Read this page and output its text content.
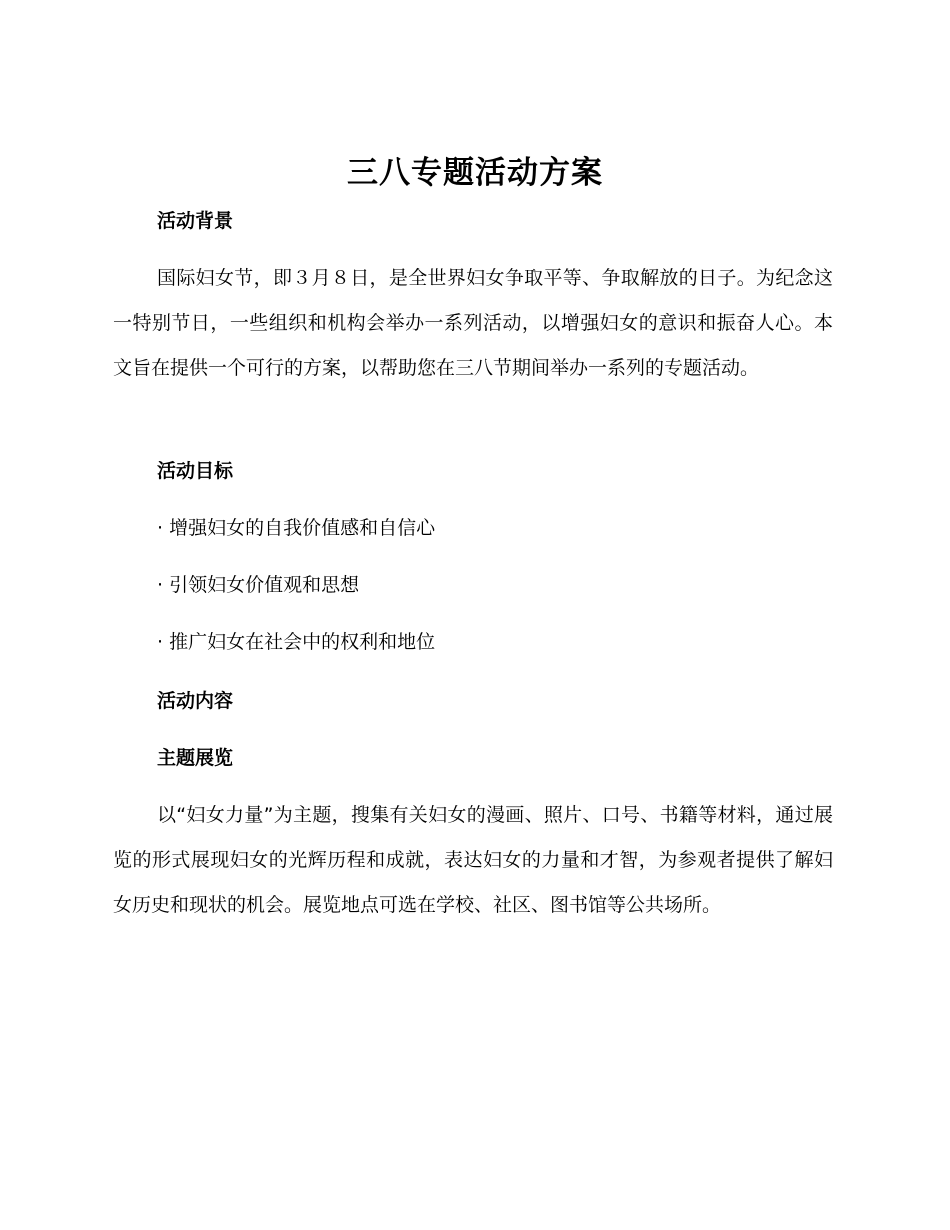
三八专题活动方案
活动背景

国际妇女节，即３月８日，是全世界妇女争取平等、争取解放的日子。为纪念这一特别节日，一些组织和机构会举办一系列活动，以增强妇女的意识和振奋人心。本文旨在提供一个可行的方案，以帮助您在三八节期间举办一系列的专题活动。

活动目标
· 增强妇女的自我价值感和自信心
· 引领妇女价值观和思想
· 推广妇女在社会中的权利和地位
活动内容
主题展览

以“妇女力量”为主题，搜集有关妇女的漫画、照片、口号、书籍等材料，通过展览的形式展现妇女的光辉历程和成就，表达妇女的力量和才智，为参观者提供了解妇女历史和现状的机会。展览地点可选在学校、社区、图书馆等公共场所。
